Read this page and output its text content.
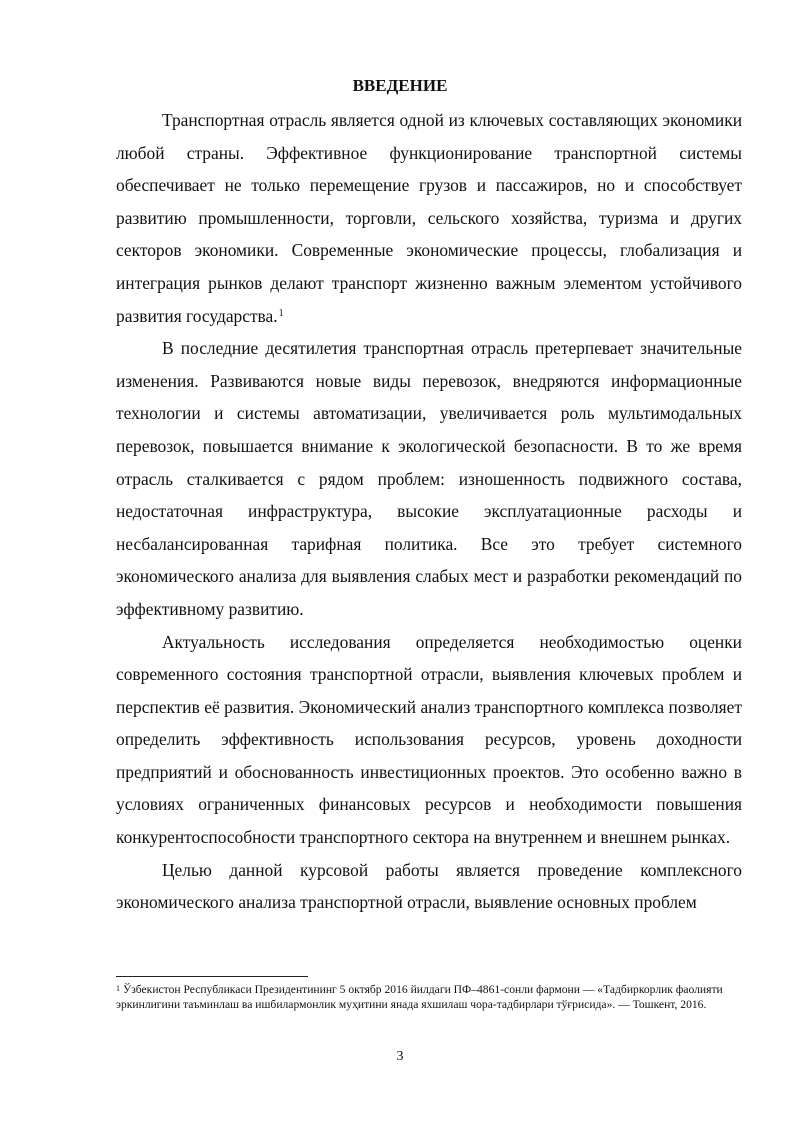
ВВЕДЕНИЕ

Транспортная отрасль является одной из ключевых составляющих экономики любой страны. Эффективное функционирование транспортной системы обеспечивает не только перемещение грузов и пассажиров, но и способствует развитию промышленности, торговли, сельского хозяйства, туризма и других секторов экономики. Современные экономические процессы, глобализация и интеграция рынков делают транспорт жизненно важным элементом устойчивого развития государства.$^1$

В последние десятилетия транспортная отрасль претерпевает значительные изменения. Развиваются новые виды перевозок, внедряются информационные технологии и системы автоматизации, увеличивается роль мультимодальных перевозок, повышается внимание к экологической безопасности. В то же время отрасль сталкивается с рядом проблем: изношенность подвижного состава, недостаточная инфраструктура, высокие эксплуатационные расходы и несбалансированная тарифная политика. Все это требует системного экономического анализа для выявления слабых мест и разработки рекомендаций по эффективному развитию.

Актуальность исследования определяется необходимостью оценки современного состояния транспортной отрасли, выявления ключевых проблем и перспектив её развития. Экономический анализ транспортного комплекса позволяет определить эффективность использования ресурсов, уровень доходности предприятий и обоснованность инвестиционных проектов. Это особенно важно в условиях ограниченных финансовых ресурсов и необходимости повышения конкурентоспособности транспортного сектора на внутреннем и внешнем рынках.

Целью данной курсовой работы является проведение комплексного экономического анализа транспортной отрасли, выявление основных проблем

$^1$ Ўзбекистон Республикаси Президентининг 5 октябр 2016 йилдаги ПФ–4861-сонли фармони — «Тадбиркорлик фаолияти эркинлигини таъминлаш ва ишбилармонлик муҳитини янада яхшилаш чора-тадбирлари тўғрисида». — Тошкент, 2016.

3
